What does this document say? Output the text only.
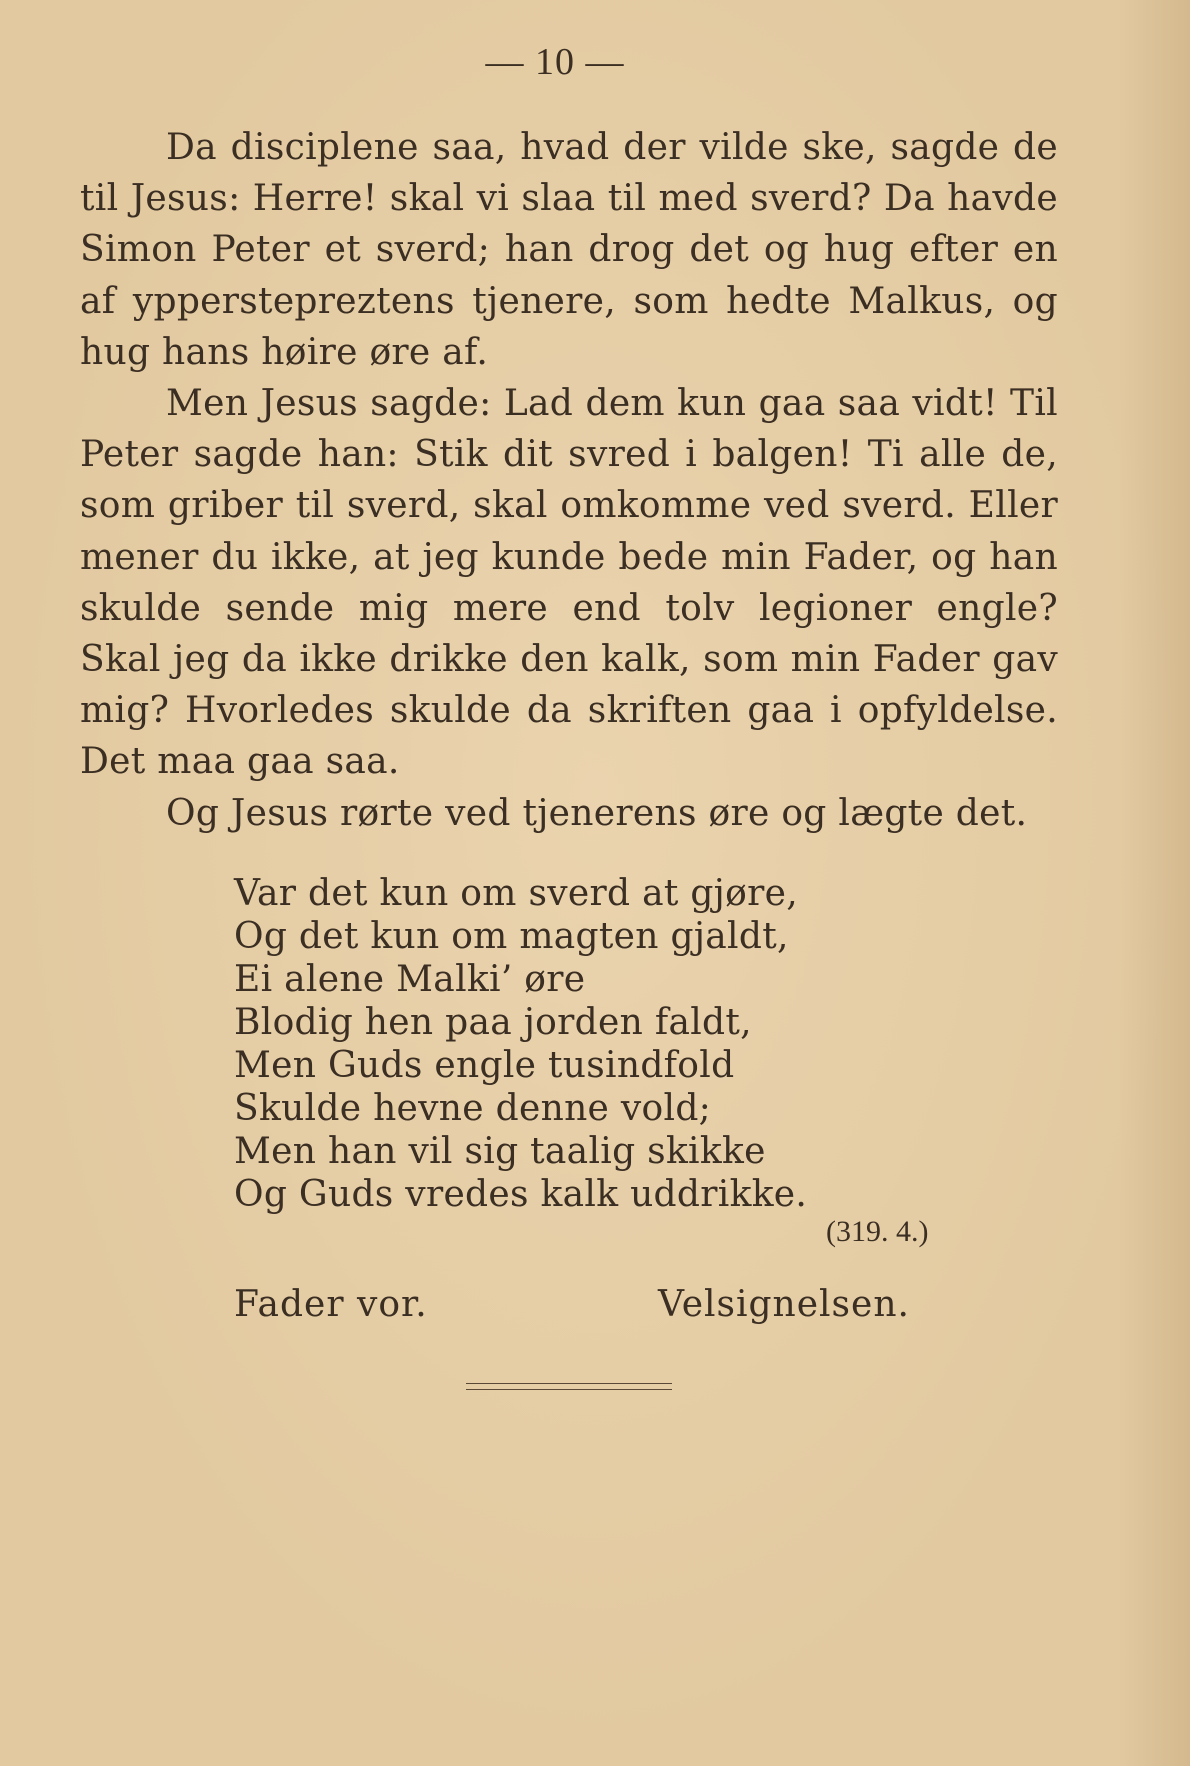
— 10 —

Da disciplene saa, hvad der vilde ske, sagde de til Jesus: Herre! skal vi slaa til med sverd? Da havde Simon Peter et sverd; han drog det og hug efter en af ypperstepreztens tjenere, som hedte Malkus, og hug hans høire øre af.

Men Jesus sagde: Lad dem kun gaa saa vidt! Til Peter sagde han: Stik dit svred i balgen! Ti alle de, som griber til sverd, skal omkomme ved sverd. Eller mener du ikke, at jeg kunde bede min Fader, og han skulde sende mig mere end tolv legioner engle? Skal jeg da ikke drikke den kalk, som min Fader gav mig? Hvorledes skulde da skriften gaa i opfyldelse. Det maa gaa saa.

Og Jesus rørte ved tjenerens øre og lægte det.

Var det kun om sverd at gjøre,
Og det kun om magten gjaldt,
Ei alene Malki’ øre
Blodig hen paa jorden faldt,
Men Guds engle tusindfold
Skulde hevne denne vold;
Men han vil sig taalig skikke
Og Guds vredes kalk uddrikke.
(319. 4.)
Fader vor.	Velsignelsen.
